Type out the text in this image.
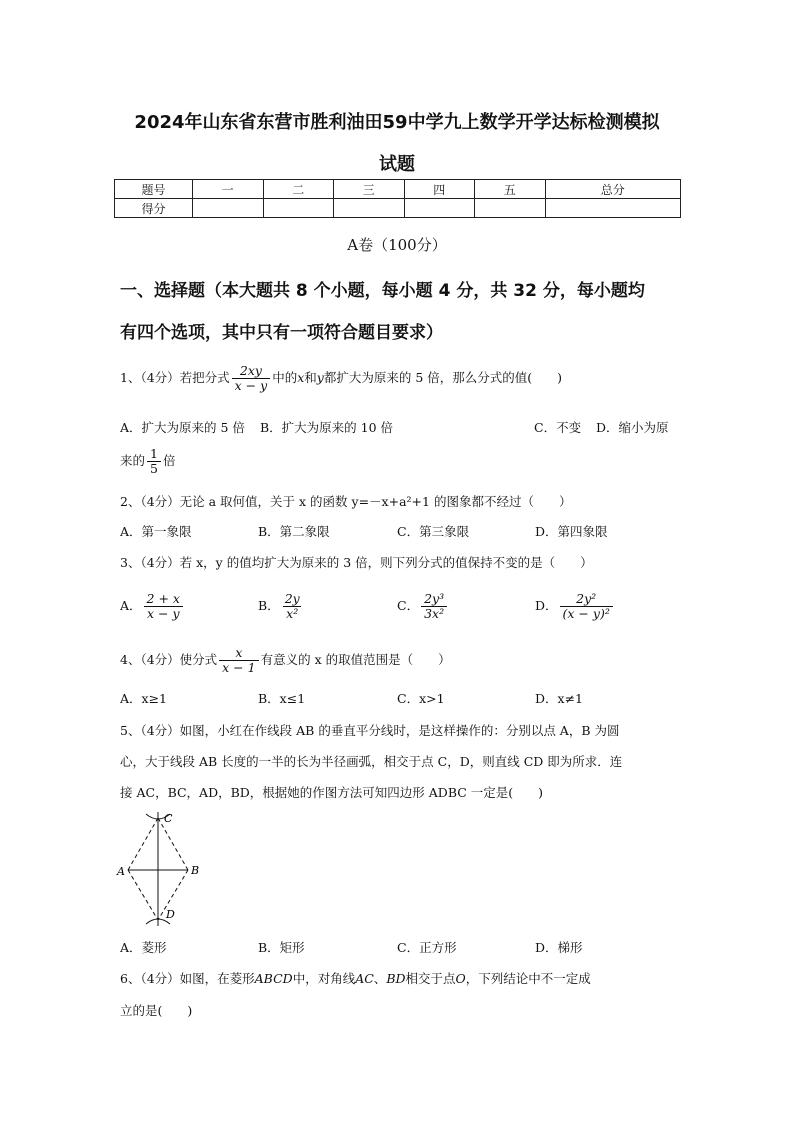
2024年山东省东营市胜利油田59中学九上数学开学达标检测模拟
试题
题号	一	二	三	四	五	总分
得分						
A卷（100分）
一、选择题（本大题共 8 个小题，每小题 4 分，共 32 分，每小题均
有四个选项，其中只有一项符合题目要求）
1、（4分）若把分式 $\frac{2xy}{x - y}$ 中的x和y都扩大为原来的 5 倍，那么分式的值(　　)
A．扩大为原来的 5 倍 B．扩大为原来的 10 倍	C．不变 D．缩小为原
来的 $\frac{1}{5}$ 倍
2、（4分）无论 a 取何值，关于 x 的函数 y=－x+a²+1 的图象都不经过（　　）
A．第一象限	B．第二象限	C．第三象限	D．第四象限
3、（4分）若 x，y 的值均扩大为原来的 3 倍，则下列分式的值保持不变的是（　　）
A． $\frac{2 + x}{x - y}$	B． $\frac{2y}{\text{x²}}$	C． $\frac{\text{2y³}}{\text{3x²}}$	D． $\frac{\text{2y²}}{\text{(x − y)²}}$
4、（4分）使分式 $\frac{x}{x - 1}$ 有意义的 x 的取值范围是（　　）
A．x≥1	B．x≤1	C．x>1	D．x≠1
5、（4分）如图，小红在作线段 AB 的垂直平分线时，是这样操作的：分别以点 A，B 为圆
心，大于线段 AB 长度的一半的长为半径画弧，相交于点 C，D，则直线 CD 即为所求．连
接 AC，BC，AD，BD，根据她的作图方法可知四边形 ADBC 一定是(　　)
C
A	B
D
A．菱形	B．矩形	C．正方形	D．梯形
6、（4分）如图，在菱形ABCD中，对角线AC、BD相交于点O，下列结论中不一定成
立的是(　　)
